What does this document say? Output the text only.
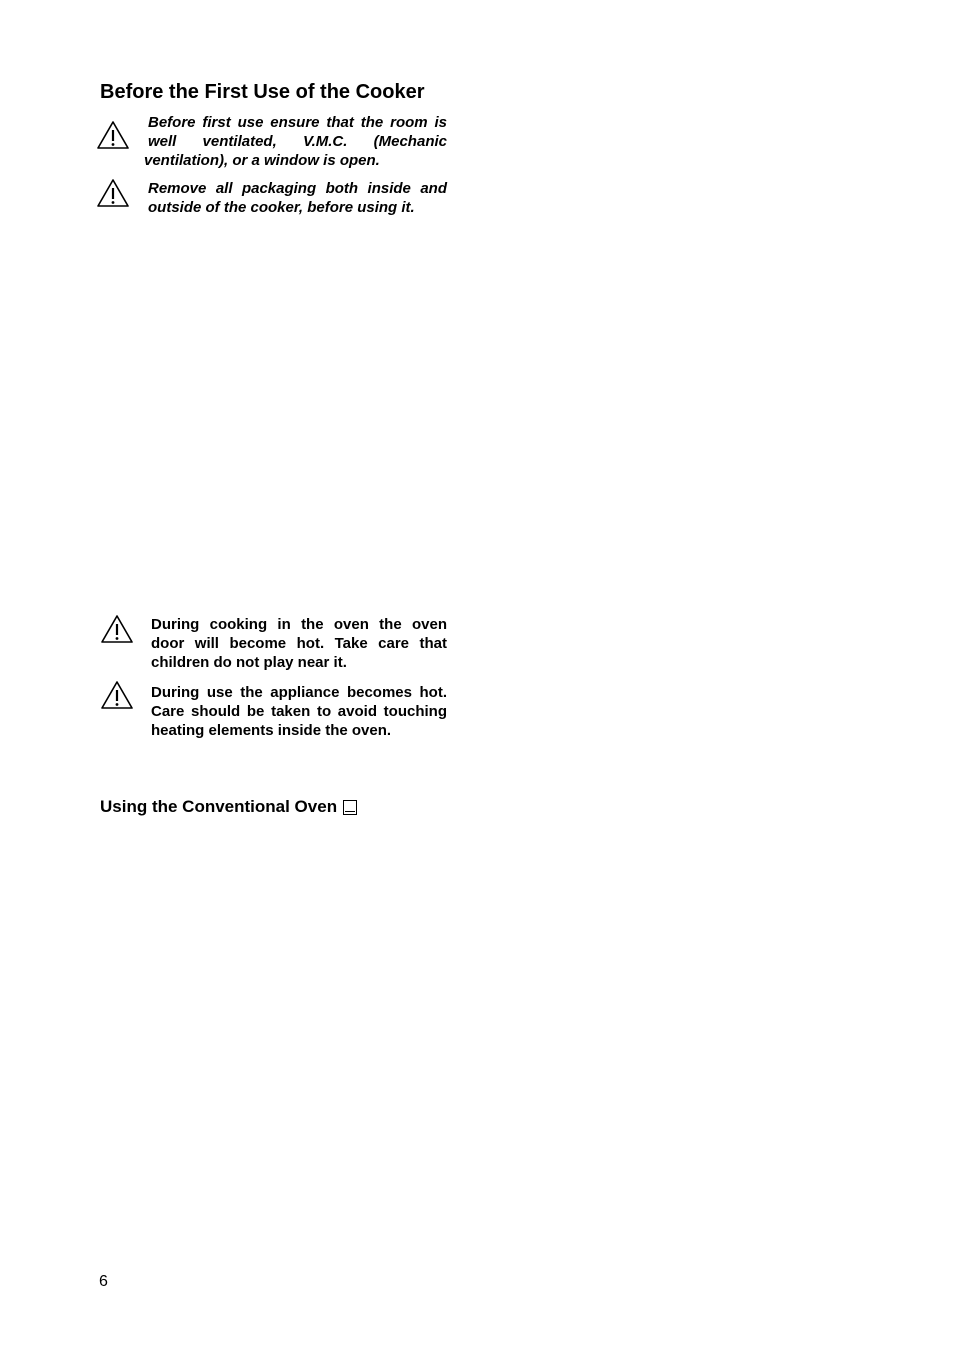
Before the First Use of the Cooker
Before first use ensure that the room is
well ventilated, V.M.C. (Mechanic
ventilation), or a window is open.
Remove all packaging both inside and
outside of the cooker, before using it.
During cooking in the oven the oven door will become hot. Take care that children do not play near it.
During use the appliance becomes hot. Care should be taken to avoid touching heating elements inside the oven.
Using the Conventional Oven
6
